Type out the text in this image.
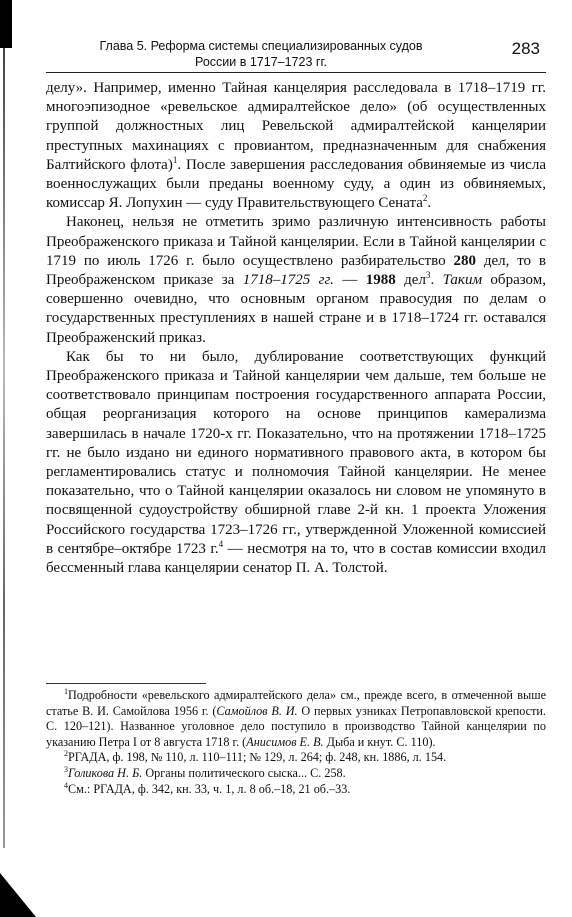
Глава 5. Реформа системы специализированных судов
России в 1717–1723 гг.
283

делу». Например, именно Тайная канцелярия расследовала в 1718–1719 гг. многоэпизодное «ревельское адмиралтейское дело» (об осуществленных группой должностных лиц Ревельской адмиралтейской канцелярии преступных махинациях с провиантом, предназначенным для снабжения Балтийского флота)$^1$. После завершения расследования обвиняемые из числа военнослужащих были преданы военному суду, а один из обвиняемых, комиссар Я. Лопухин — суду Правительствующего Сената$^2$.

Наконец, нельзя не отметить зримо различную интенсивность работы Преображенского приказа и Тайной канцелярии. Если в Тайной канцелярии с 1719 по июль 1726 г. было осуществлено разбирательство 280 дел, то в Преображенском приказе за 1718–1725 гг. — 1988 дел$^3$. Таким образом, совершенно очевидно, что основным органом правосудия по делам о государственных преступлениях в нашей стране и в 1718–1724 гг. оставался Преображенский приказ.

Как бы то ни было, дублирование соответствующих функций Преображенского приказа и Тайной канцелярии чем дальше, тем больше не соответствовало принципам построения государственного аппарата России, общая реорганизация которого на основе принципов камерализма завершилась в начале 1720-х гг. Показательно, что на протяжении 1718–1725 гг. не было издано ни единого нормативного правового акта, в котором бы регламентировались статус и полномочия Тайной канцелярии. Не менее показательно, что о Тайной канцелярии оказалось ни словом не упомянуто в посвященной судоустройству обширной главе 2-й кн. 1 проекта Уложения Российского государства 1723–1726 гг., утвержденной Уложенной комиссией в сентябре–октябре 1723 г.$^4$ — несмотря на то, что в состав комиссии входил бессменный глава канцелярии сенатор П. А. Толстой.

$^1$Подробности «ревельского адмиралтейского дела» см., прежде всего, в отмеченной выше статье В. И. Самойлова 1956 г. (Самойлов В. И. О первых узниках Петропавловской крепости. С. 120–121). Названное уголовное дело поступило в производство Тайной канцелярии по указанию Петра I от 8 августа 1718 г. (Анисимов Е. В. Дыба и кнут. С. 110).

$^2$РГАДА, ф. 198, № 110, л. 110–111; № 129, л. 264; ф. 248, кн. 1886, л. 154.

$^3$Голикова Н. Б. Органы политического сыска... С. 258.

$^4$См.: РГАДА, ф. 342, кн. 33, ч. 1, л. 8 об.–18, 21 об.–33.
